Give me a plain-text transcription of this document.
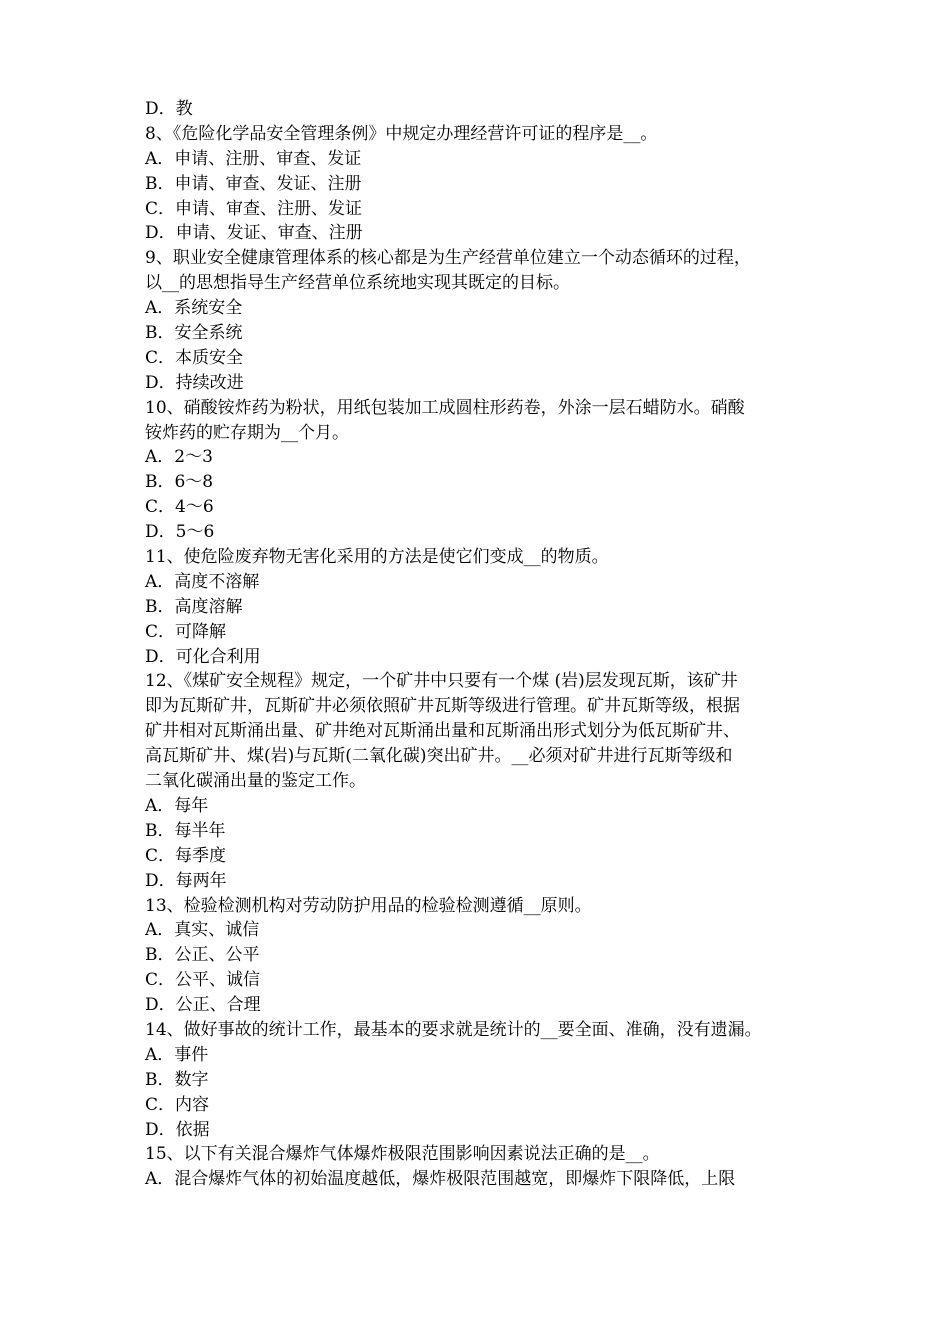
D．教
8、《危险化学品安全管理条例》中规定办理经营许可证的程序是__。
A．申请、注册、审查、发证
B．申请、审查、发证、注册
C．申请、审查、注册、发证
D．申请、发证、审查、注册
9、职业安全健康管理体系的核心都是为生产经营单位建立一个动态循环的过程，
以__的思想指导生产经营单位系统地实现其既定的目标。
A．系统安全
B．安全系统
C．本质安全
D．持续改进
10、硝酸铵炸药为粉状，用纸包装加工成圆柱形药卷，外涂一层石蜡防水。硝酸
铵炸药的贮存期为__个月。
A．2～3
B．6～8
C．4～6
D．5～6
11、使危险废弃物无害化采用的方法是使它们变成__的物质。
A．高度不溶解
B．高度溶解
C．可降解
D．可化合利用
12、《煤矿安全规程》规定，一个矿井中只要有一个煤 (岩)层发现瓦斯，该矿井
即为瓦斯矿井，瓦斯矿井必须依照矿井瓦斯等级进行管理。矿井瓦斯等级，根据
矿井相对瓦斯涌出量、矿井绝对瓦斯涌出量和瓦斯涌出形式划分为低瓦斯矿井、
高瓦斯矿井、煤(岩)与瓦斯(二氧化碳)突出矿井。__必须对矿井进行瓦斯等级和
二氧化碳涌出量的鉴定工作。
A．每年
B．每半年
C．每季度
D．每两年
13、检验检测机构对劳动防护用品的检验检测遵循__原则。
A．真实、诚信
B．公正、公平
C．公平、诚信
D．公正、合理
14、做好事故的统计工作，最基本的要求就是统计的__要全面、准确，没有遗漏。
A．事件
B．数字
C．内容
D．依据
15、以下有关混合爆炸气体爆炸极限范围影响因素说法正确的是__。
A．混合爆炸气体的初始温度越低，爆炸极限范围越宽，即爆炸下限降低，上限
